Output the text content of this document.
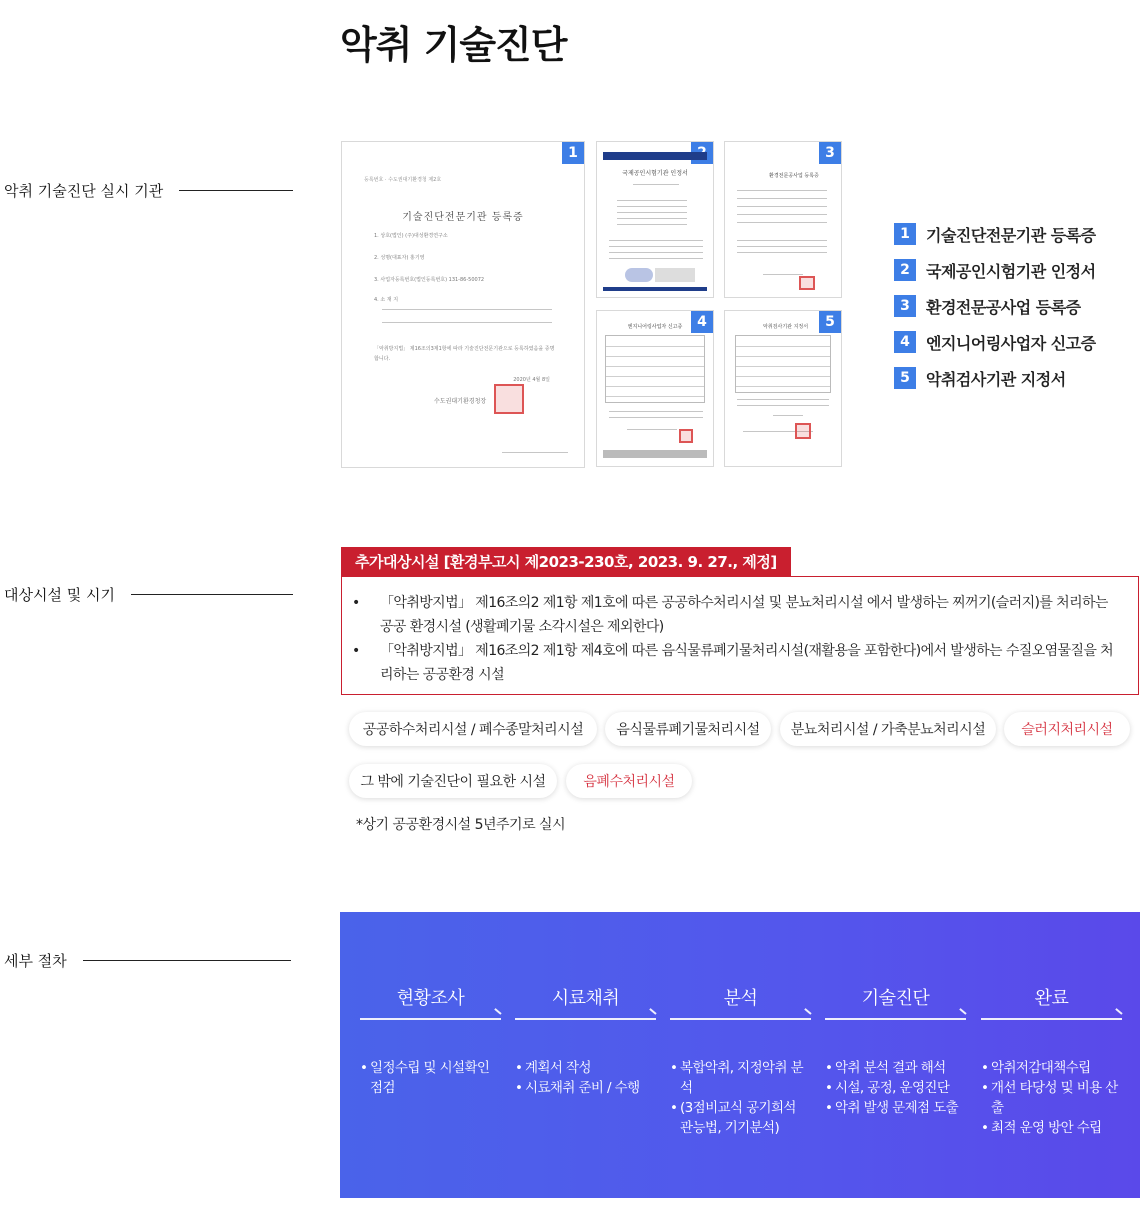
악취 기술진단
악취 기술진단 실시 기관
대상시설 및 시기
세부 절차
1
등록번호 · 수도권대기환경청 제2호
기술진단전문기관 등록증
1. 상호(법인) (주)대성환경연구소
2. 성명(대표자) 홍기영
3. 사업자등록번호(법인등록번호) 131-86-50072
4. 소 재 지
「악취방지법」 제16조의3제1항에 따라 기술진단전문기관으로 등록하였음을 증명합니다.
2020년 4월 8일
수도권대기환경청장
국제공인시험기관 인정서
3
환경전문공사업 등록증
4
엔지니어링사업자 신고증	5
악취검사기관 지정서
1	기술진단전문기관 등록증
2	국제공인시험기관 인정서
3	환경전문공사업 등록증
4	엔지니어링사업자 신고증
5	악취검사기관 지정서
추가대상시설 [환경부고시 제2023-230호, 2023. 9. 27., 제정]
• 「악취방지법」 제16조의2 제1항 제1호에 따른 공공하수처리시설 및 분뇨처리시설 에서 발생하는 찌꺼기(슬러지)를 처리하는 공공 환경시설 (생활폐기물 소각시설은 제외한다)
• 「악취방지법」 제16조의2 제1항 제4호에 따른 음식물류폐기물처리시설(재활용을 포함한다)에서 발생하는 수질오염물질을 처리하는 공공환경 시설
공공하수처리시설 / 폐수종말처리시설	음식물류폐기물처리시설	분뇨처리시설 / 가축분뇨처리시설	슬러지처리시설
그 밖에 기술진단이 필요한 시설	음폐수처리시설
*상기 공공환경시설 5년주기로 실시
현황조사
• 일정수립 및 시설확인 점검
시료채취
• 계획서 작성
• 시료채취 준비 / 수행
분석
• 복합악취, 지정악취 분석
• (3점비교식 공기희석 관능법, 기기분석)
기술진단
• 악취 분석 결과 해석
• 시설, 공정, 운영진단
• 악취 발생 문제점 도출
완료
• 악취저감대책수립
• 개선 타당성 및 비용 산출
• 최적 운영 방안 수립
